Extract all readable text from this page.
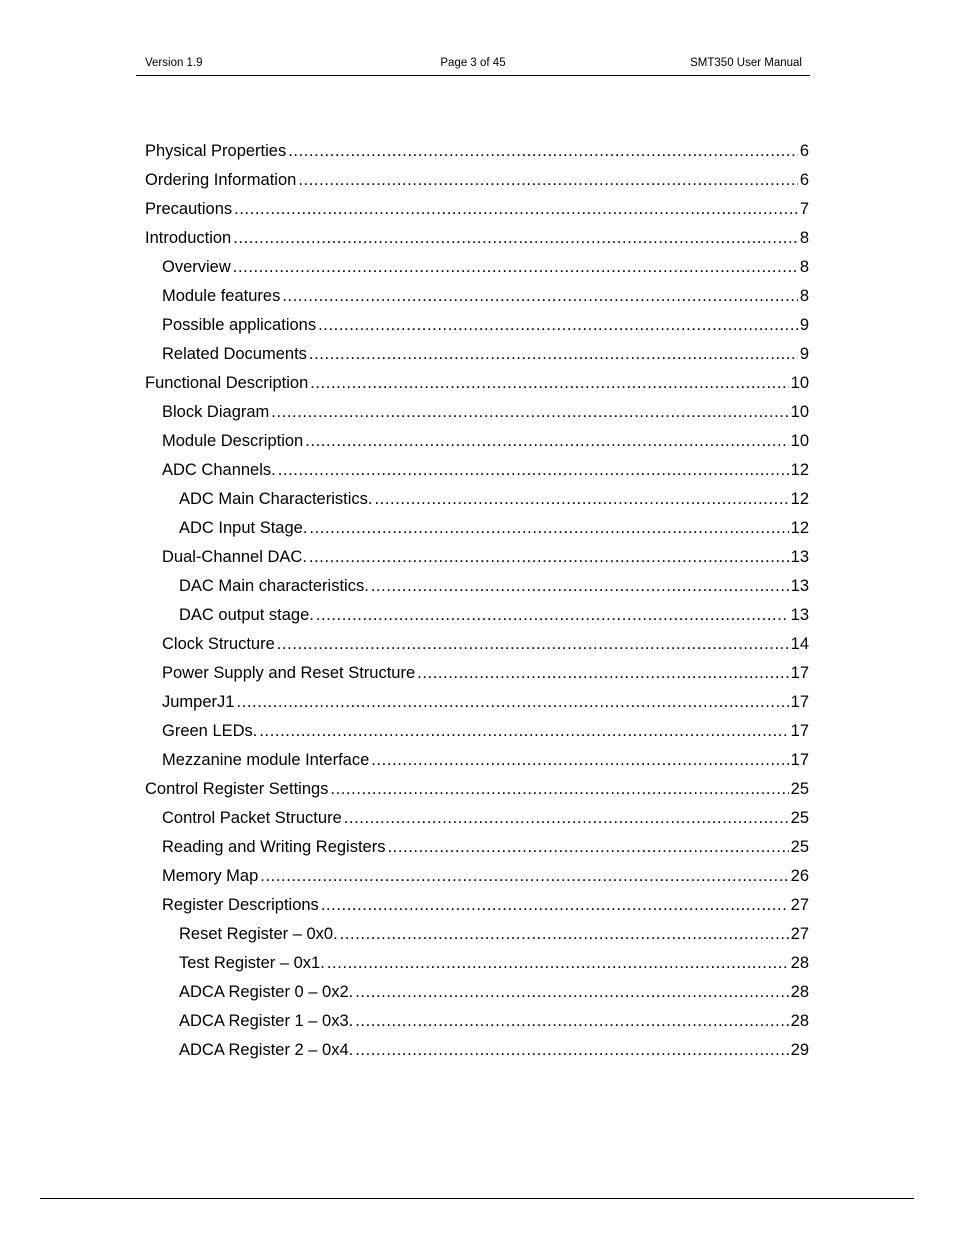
Version 1.9	Page 3 of 45	SMT350 User Manual
Physical Properties .....	6
Ordering Information .....	6
Precautions .....	7
Introduction .....	8
Overview .....	8
Module features .....	8
Possible applications .....	9
Related Documents .....	9
Functional Description .....	10
Block Diagram .....	10
Module Description .....	10
ADC Channels. .....	12
ADC Main Characteristics. .....	12
ADC Input Stage. .....	12
Dual-Channel DAC. .....	13
DAC Main characteristics. .....	13
DAC output stage. .....	13
Clock Structure .....	14
Power Supply and Reset Structure .....	17
JumperJ1 .....	17
Green LEDs. .....	17
Mezzanine module Interface .....	17
Control Register Settings .....	25
Control Packet Structure .....	25
Reading and Writing Registers .....	25
Memory Map .....	26
Register Descriptions .....	27
Reset Register – 0x0. .....	27
Test Register – 0x1. .....	28
ADCA Register 0 – 0x2. .....	28
ADCA Register 1 – 0x3. .....	28
ADCA Register 2 – 0x4. .....	29
